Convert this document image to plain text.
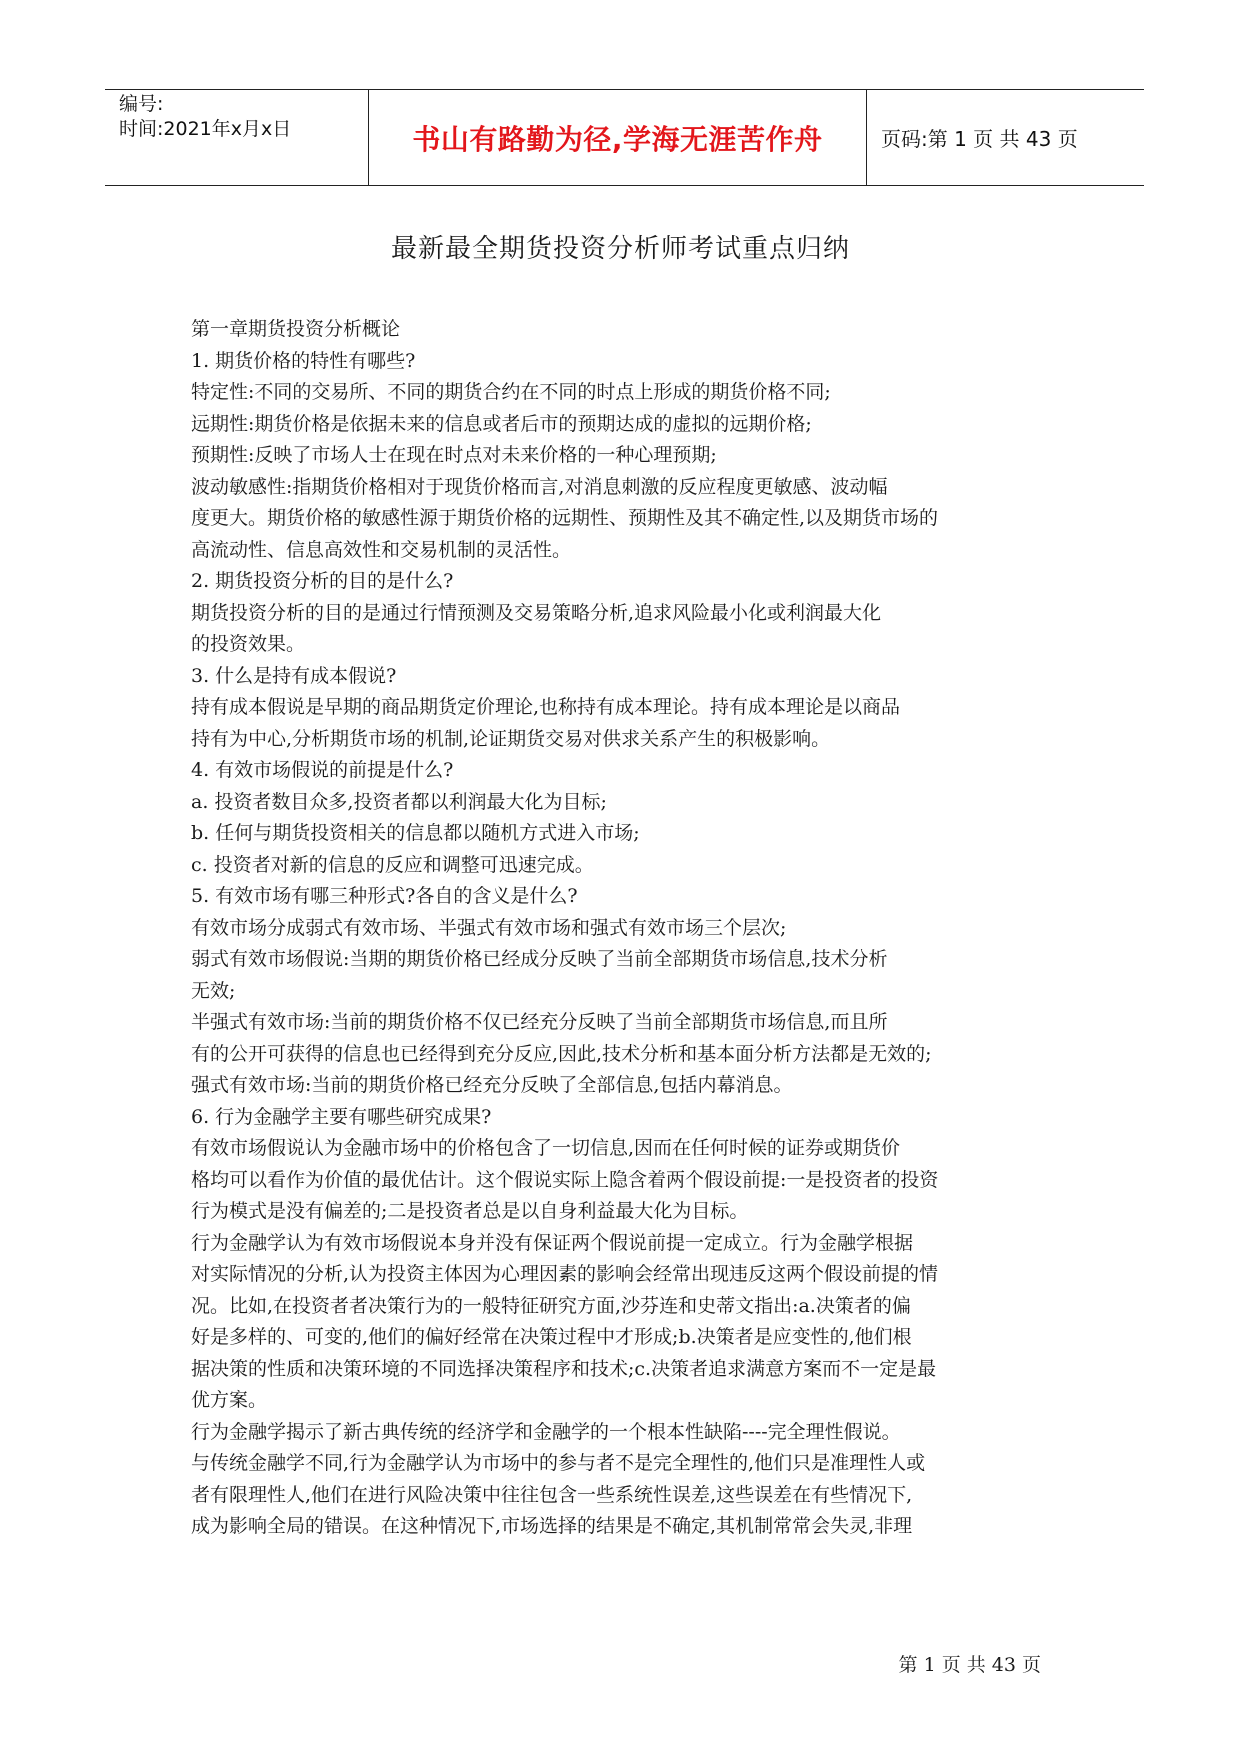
编号:
时间:2021年x月x日	书山有路勤为径,学海无涯苦作舟	页码:第 1 页 共 43 页
最新最全期货投资分析师考试重点归纳
第一章期货投资分析概论
1. 期货价格的特性有哪些?
特定性:不同的交易所、不同的期货合约在不同的时点上形成的期货价格不同;
远期性:期货价格是依据未来的信息或者后市的预期达成的虚拟的远期价格;
预期性:反映了市场人士在现在时点对未来价格的一种心理预期;
波动敏感性:指期货价格相对于现货价格而言,对消息刺激的反应程度更敏感、波动幅
度更大。期货价格的敏感性源于期货价格的远期性、预期性及其不确定性,以及期货市场的
高流动性、信息高效性和交易机制的灵活性。
2. 期货投资分析的目的是什么?
期货投资分析的目的是通过行情预测及交易策略分析,追求风险最小化或利润最大化
的投资效果。
3. 什么是持有成本假说?
持有成本假说是早期的商品期货定价理论,也称持有成本理论。持有成本理论是以商品
持有为中心,分析期货市场的机制,论证期货交易对供求关系产生的积极影响。
4. 有效市场假说的前提是什么?
a. 投资者数目众多,投资者都以利润最大化为目标;
b. 任何与期货投资相关的信息都以随机方式进入市场;
c. 投资者对新的信息的反应和调整可迅速完成。
5. 有效市场有哪三种形式?各自的含义是什么?
有效市场分成弱式有效市场、半强式有效市场和强式有效市场三个层次;
弱式有效市场假说:当期的期货价格已经成分反映了当前全部期货市场信息,技术分析
无效;
半强式有效市场:当前的期货价格不仅已经充分反映了当前全部期货市场信息,而且所
有的公开可获得的信息也已经得到充分反应,因此,技术分析和基本面分析方法都是无效的;
强式有效市场:当前的期货价格已经充分反映了全部信息,包括内幕消息。
6. 行为金融学主要有哪些研究成果?
有效市场假说认为金融市场中的价格包含了一切信息,因而在任何时候的证券或期货价
格均可以看作为价值的最优估计。这个假说实际上隐含着两个假设前提:一是投资者的投资
行为模式是没有偏差的;二是投资者总是以自身利益最大化为目标。
行为金融学认为有效市场假说本身并没有保证两个假说前提一定成立。行为金融学根据
对实际情况的分析,认为投资主体因为心理因素的影响会经常出现违反这两个假设前提的情
况。比如,在投资者者决策行为的一般特征研究方面,沙芬连和史蒂文指出:a.决策者的偏
好是多样的、可变的,他们的偏好经常在决策过程中才形成;b.决策者是应变性的,他们根
据决策的性质和决策环境的不同选择决策程序和技术;c.决策者追求满意方案而不一定是最
优方案。
行为金融学揭示了新古典传统的经济学和金融学的一个根本性缺陷----完全理性假说。
与传统金融学不同,行为金融学认为市场中的参与者不是完全理性的,他们只是准理性人或
者有限理性人,他们在进行风险决策中往往包含一些系统性误差,这些误差在有些情况下,
成为影响全局的错误。在这种情况下,市场选择的结果是不确定,其机制常常会失灵,非理
第 1 页 共 43 页
